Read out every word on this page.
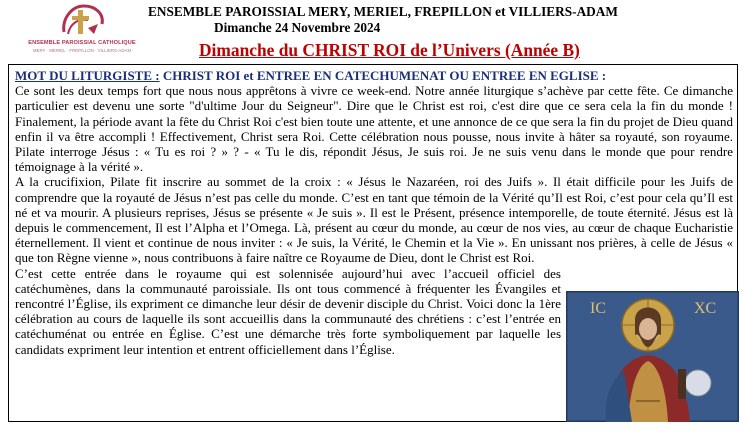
ENSEMBLE PAROISSIAL CATHOLIQUE
MERY · MERIEL · FREPILLON · VILLIERS-ADAM
ENSEMBLE PAROISSIAL MERY, MERIEL, FREPILLON et VILLIERS-ADAM
Dimanche 24 Novembre 2024
Dimanche du CHRIST ROI de l’Univers (Année B)
MOT DU LITURGISTE : CHRIST ROI et ENTREE EN CATECHUMENAT OU ENTREE EN EGLISE :

Ce sont les deux temps fort que nous nous apprêtons à vivre ce week-end. Notre année liturgique s’achève par cette fête. Ce dimanche particulier est devenu une sorte "d'ultime Jour du Seigneur". Dire que le Christ est roi, c'est dire que ce sera cela la fin du monde ! Finalement, la période avant la fête du Christ Roi c'est bien toute une attente, et une annonce de ce que sera la fin du projet de Dieu quand enfin il va être accompli ! Effectivement, Christ sera Roi. Cette célébration nous pousse, nous invite à hâter sa royauté, son royaume. Pilate interroge Jésus : « Tu es roi ? » ? - « Tu le dis, répondit Jésus, Je suis roi. Je ne suis venu dans le monde que pour rendre témoignage à la vérité ».

A la crucifixion, Pilate fit inscrire au sommet de la croix : « Jésus le Nazaréen, roi des Juifs ». Il était difficile pour les Juifs de comprendre que la royauté de Jésus n’est pas celle du monde. C’est en tant que témoin de la Vérité qu’Il est Roi, c’est pour cela qu’Il est né et va mourir. A plusieurs reprises, Jésus se présente « Je suis ». Il est le Présent, présence intemporelle, de toute éternité. Jésus est là depuis le commencement, Il est l’Alpha et l’Omega. Là, présent au cœur du monde, au cœur de nos vies, au cœur de chaque Eucharistie éternellement. Il vient et continue de nous inviter : « Je suis, la Vérité, le Chemin et la Vie ». En unissant nos prières, à celle de Jésus « que ton Règne vienne », nous contribuons à faire naître ce Royaume de Dieu, dont le Christ est Roi.

C’est cette entrée dans le royaume qui est solennisée aujourd’hui avec l’accueil officiel des catéchumènes, dans la communauté paroissiale. Ils ont tous commencé à fréquenter les Évangiles et rencontré l’Église, ils expriment ce dimanche leur désir de devenir disciple du Christ. Voici donc la 1ère célébration au cours de laquelle ils sont accueillis dans la communauté des chrétiens : c’est l’entrée en catéchuménat ou entrée en Église. C’est une démarche très forte symboliquement par laquelle les candidats expriment leur intention et entrent officiellement dans l’Église.

IC	XC
